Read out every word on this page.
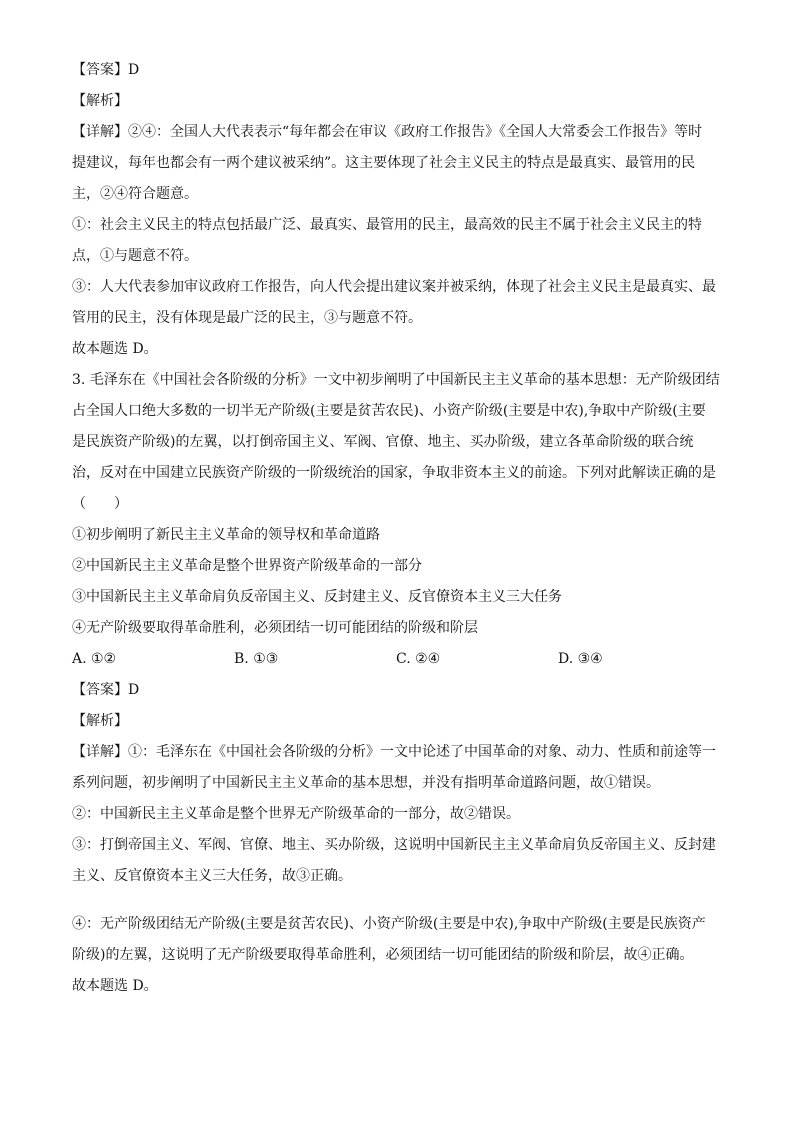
【答案】D

【解析】

【详解】②④：全国人大代表表示“每年都会在审议《政府工作报告》《全国人大常委会工作报告》等时

提建议，每年也都会有一两个建议被采纳”。这主要体现了社会主义民主的特点是最真实、最管用的民

主，②④符合题意。

①：社会主义民主的特点包括最广泛、最真实、最管用的民主，最高效的民主不属于社会主义民主的特

点，①与题意不符。

③：人大代表参加审议政府工作报告，向人代会提出建议案并被采纳，体现了社会主义民主是最真实、最

管用的民主，没有体现是最广泛的民主，③与题意不符。

故本题选 D。

3. 毛泽东在《中国社会各阶级的分析》一文中初步阐明了中国新民主主义革命的基本思想：无产阶级团结

占全国人口绝大多数的一切半无产阶级(主要是贫苦农民)、小资产阶级(主要是中农),争取中产阶级(主要

是民族资产阶级)的左翼，以打倒帝国主义、军阀、官僚、地主、买办阶级，建立各革命阶级的联合统

治，反对在中国建立民族资产阶级的一阶级统治的国家，争取非资本主义的前途。下列对此解读正确的是

（　　）

①初步阐明了新民主主义革命的领导权和革命道路

②中国新民主主义革命是整个世界资产阶级革命的一部分

③中国新民主主义革命肩负反帝国主义、反封建主义、反官僚资本主义三大任务

④无产阶级要取得革命胜利，必须团结一切可能团结的阶级和阶层

A. ①②	B. ①③	C. ②④	D. ③④

【答案】D

【解析】

【详解】①：毛泽东在《中国社会各阶级的分析》一文中论述了中国革命的对象、动力、性质和前途等一

系列问题，初步阐明了中国新民主主义革命的基本思想，并没有指明革命道路问题，故①错误。

②：中国新民主主义革命是整个世界无产阶级革命的一部分，故②错误。

③：打倒帝国主义、军阀、官僚、地主、买办阶级，这说明中国新民主主义革命肩负反帝国主义、反封建

主义、反官僚资本主义三大任务，故③正确。

④：无产阶级团结无产阶级(主要是贫苦农民)、小资产阶级(主要是中农),争取中产阶级(主要是民族资产

阶级)的左翼，这说明了无产阶级要取得革命胜利，必须团结一切可能团结的阶级和阶层，故④正确。

故本题选 D。
